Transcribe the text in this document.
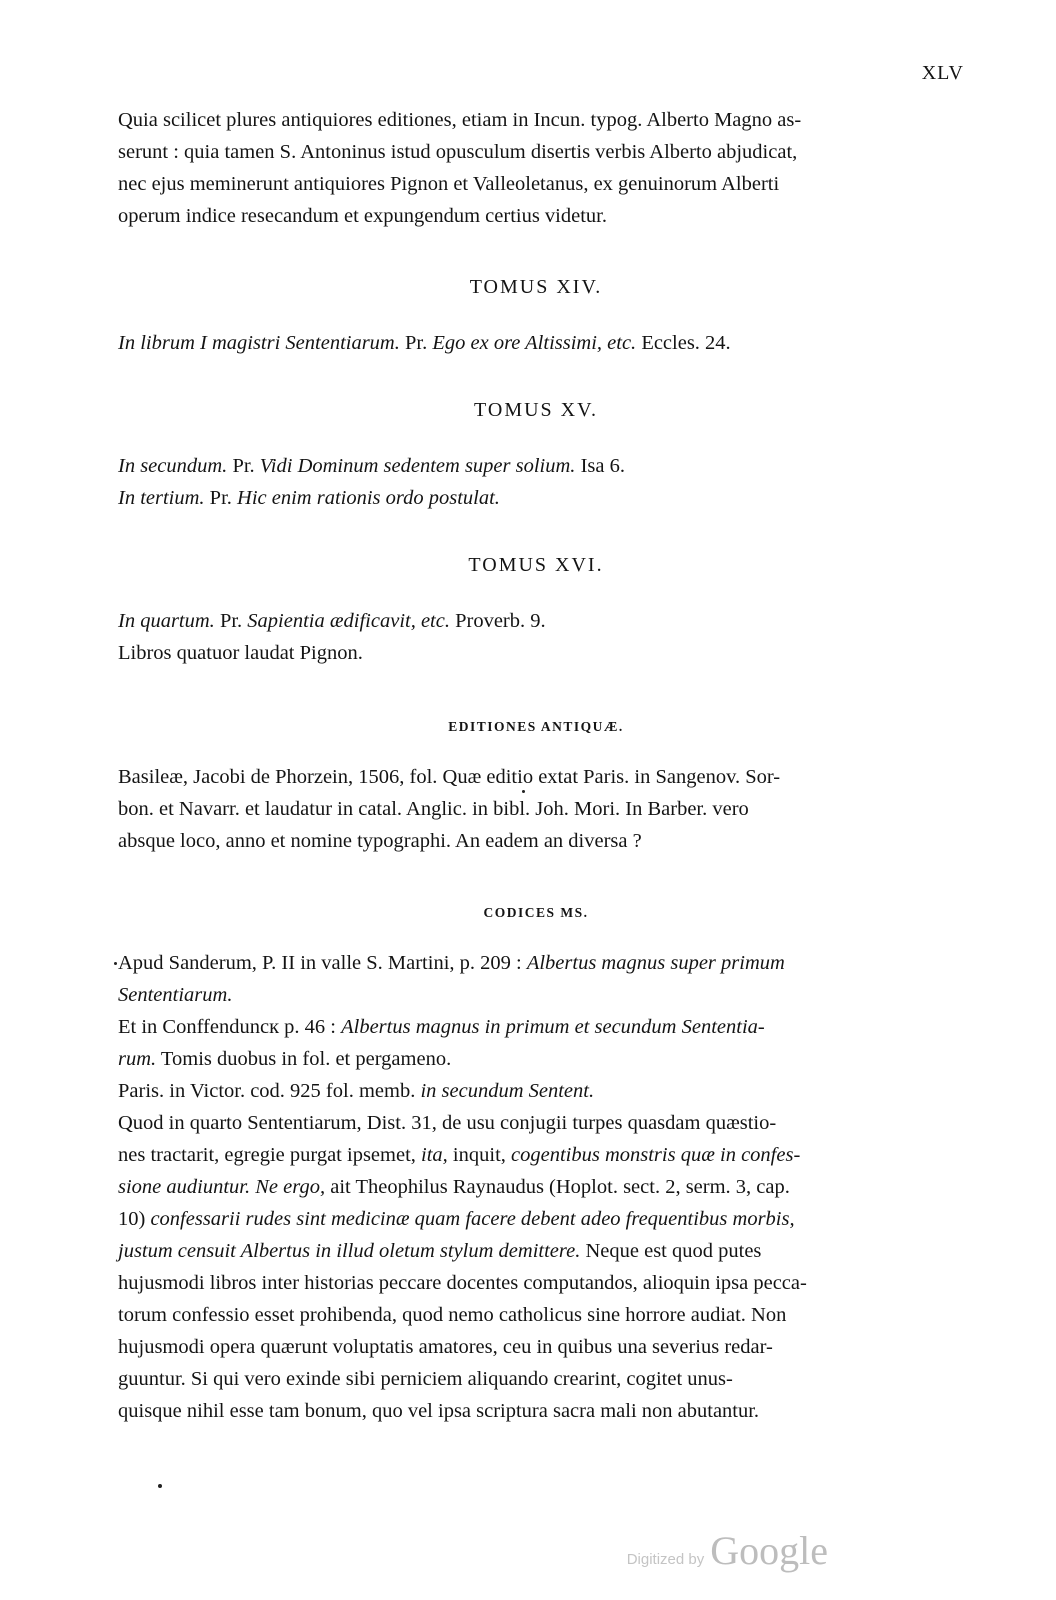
XLV

Quia scilicet plures antiquiores editiones, etiam in Incun. typog. Alberto Magno as-
serunt : quia tamen S. Antoninus istud opusculum disertis verbis Alberto abjudicat,
nec ejus meminerunt antiquiores Pignon et Valleoletanus, ex genuinorum Alberti
operum indice resecandum et expungendum certius videtur.

TOMUS XIV.

In librum I magistri Sententiarum. Pr. Ego ex ore Altissimi, etc. Eccles. 24.

TOMUS XV.

In secundum. Pr. Vidi Dominum sedentem super solium. Isa 6.

In tertium. Pr. Hic enim rationis ordo postulat.

TOMUS XVI.

In quartum. Pr. Sapientia ædificavit, etc. Proverb. 9.

Libros quatuor laudat Pignon.

EDITIONES ANTIQUÆ.

Basileæ, Jacobi de Phorzein, 1506, fol. Quæ editio extat Paris. in Sangenov. Sor-
bon. et Navarr. et laudatur in catal. Anglic. in bibl. Joh. Mori. In Barber. vero
absque loco, anno et nomine typographi. An eadem an diversa ?

CODICES MS.

Apud Sanderum, P. II in valle S. Martini, p. 209 : Albertus magnus super primum
Sententiarum.

Et in Conffenduncк p. 46 : Albertus magnus in primum et secundum Sententia-
rum. Tomis duobus in fol. et pergameno.

Paris. in Victor. cod. 925 fol. memb. in secundum Sentent.

Quod in quarto Sententiarum, Dist. 31, de usu conjugii turpes quasdam quæstio-
nes tractarit, egregie purgat ipsemet, ita, inquit, cogentibus monstris quæ in confes-
sione audiuntur. Ne ergo, ait Theophilus Raynaudus (Hoplot. sect. 2, serm. 3, cap.
10) confessarii rudes sint medicinæ quam facere debent adeo frequentibus morbis,
justum censuit Albertus in illud oletum stylum demittere. Neque est quod putes
hujusmodi libros inter historias peccare docentes computandos, alioquin ipsa pecca-
torum confessio esset prohibenda, quod nemo catholicus sine horrore audiat. Non
hujusmodi opera quærunt voluptatis amatores, ceu in quibus una severius redar-
guuntur. Si qui vero exinde sibi perniciem aliquando crearint, cogitet unus-
quisque nihil esse tam bonum, quo vel ipsa scriptura sacra mali non abutantur.

Digitized by Google
